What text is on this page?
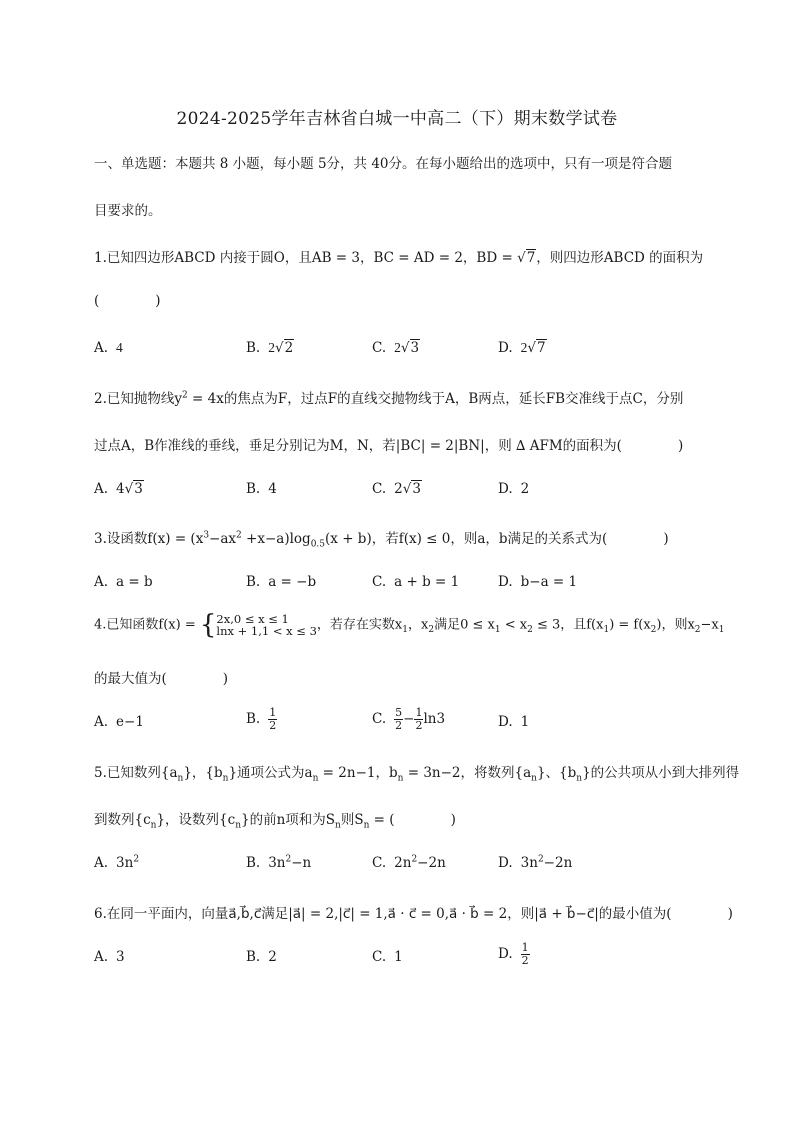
2024-2025学年吉林省白城一中高二（下）期末数学试卷
一、单选题：本题共 8 小题，每小题 5分，共 40分。在每小题给出的选项中，只有一项是符合题
目要求的。
1.已知四边形ABCD 内接于圆O，且AB = 3，BC = AD = 2，BD = √7，则四边形ABCD 的面积为
(	)
A. 4	B. 2√2	C. 2√3	D. 2√7
2.已知抛物线$y^2 = 4x$的焦点为F，过点F的直线交抛物线于A，B两点，延长FB交准线于点C，分别
过点A，B作准线的垂线，垂足分别记为M，N，若|BC| = 2|BN|，则 ∆ AFM的面积为(	)
A. 4√3	B. 4	C. 2√3	D. 2
3.设函数$f(x) = (x^3-ax^2 +x-a)\log_{0.5}(x + b)$，若f(x) ≤ 0，则a，b满足的关系式为(	)
A. a = b	B. a = −b	C. a + b = 1	D. b−a = 1
4.已知函数f(x) = { 2x,0 ≤ x ≤ 1
lnx + 1,1 < x ≤ 3 ，若存在实数$x_1$，$x_2$满足$0 \le x_1 < x_2 \le 3$，且$f(x_1) = f(x_2)$，则$x_2-x_1$
的最大值为(	)
A. e−1	B. $\frac{1}{2}$	C. $\frac{5}{2} - \frac{1}{2} \ln 3$	D. 1
5.已知数列$\{a_n\}$，$\{b_n\}$通项公式为$a_n = 2n-1$，$b_n = 3n-2$，将数列$\{a_n\}$、$\{b_n\}$的公共项从小到大排列得
到数列$\{c_n\}$，设数列$\{c_n\}$的前n项和为$S_n$则$S_n$ = (	)
A. $3n^2$	B. $3n^2-n$	C. $2n^2-2n$	D. $3n^2-2n$
6.在同一平面内，向量a⃗,b⃗,c⃗满足|a⃗| = 2,|c⃗| = 1,a⃗ · c⃗ = 0,a⃗ · b⃗ = 2，则|a⃗ + b⃗−c⃗|的最小值为(	)
A. 3	B. 2	C. 1	D. $\frac{1}{2}$
